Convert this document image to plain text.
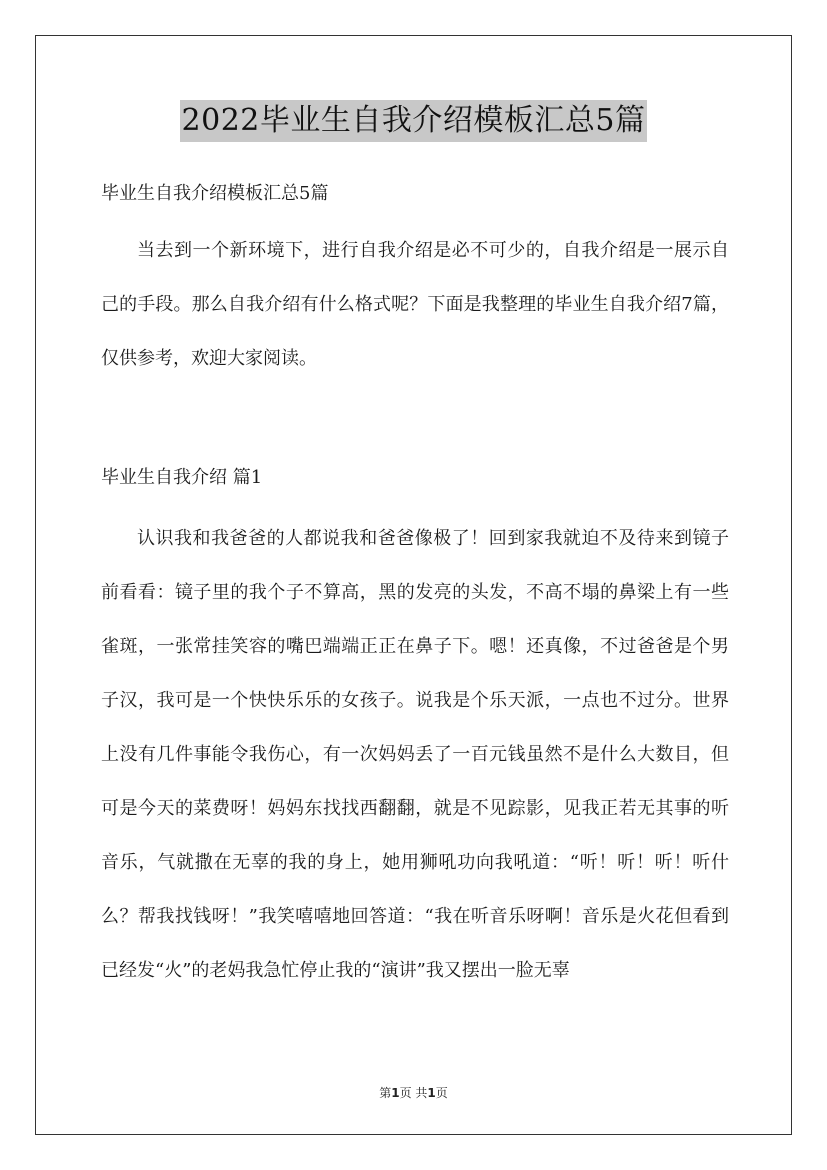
2022毕业生自我介绍模板汇总5篇

毕业生自我介绍模板汇总5篇

当去到一个新环境下，进行自我介绍是必不可少的，自我介绍是一展示自己的手段。那么自我介绍有什么格式呢？下面是我整理的毕业生自我介绍7篇，仅供参考，欢迎大家阅读。

毕业生自我介绍 篇1

认识我和我爸爸的人都说我和爸爸像极了！回到家我就迫不及待来到镜子前看看：镜子里的我个子不算高，黑的发亮的头发，不高不塌的鼻梁上有一些雀斑，一张常挂笑容的嘴巴端端正正在鼻子下。嗯！还真像，不过爸爸是个男子汉，我可是一个快快乐乐的女孩子。说我是个乐天派，一点也不过分。世界上没有几件事能令我伤心，有一次妈妈丢了一百元钱虽然不是什么大数目，但可是今天的菜费呀！妈妈东找找西翻翻，就是不见踪影，见我正若无其事的听音乐，气就撒在无辜的我的身上，她用狮吼功向我吼道：“听！听！听！听什么？帮我找钱呀！”我笑嘻嘻地回答道：“我在听音乐呀啊！音乐是火花但看到已经发“火”的老妈我急忙停止我的“演讲”我又摆出一脸无辜

第1页 共1页
